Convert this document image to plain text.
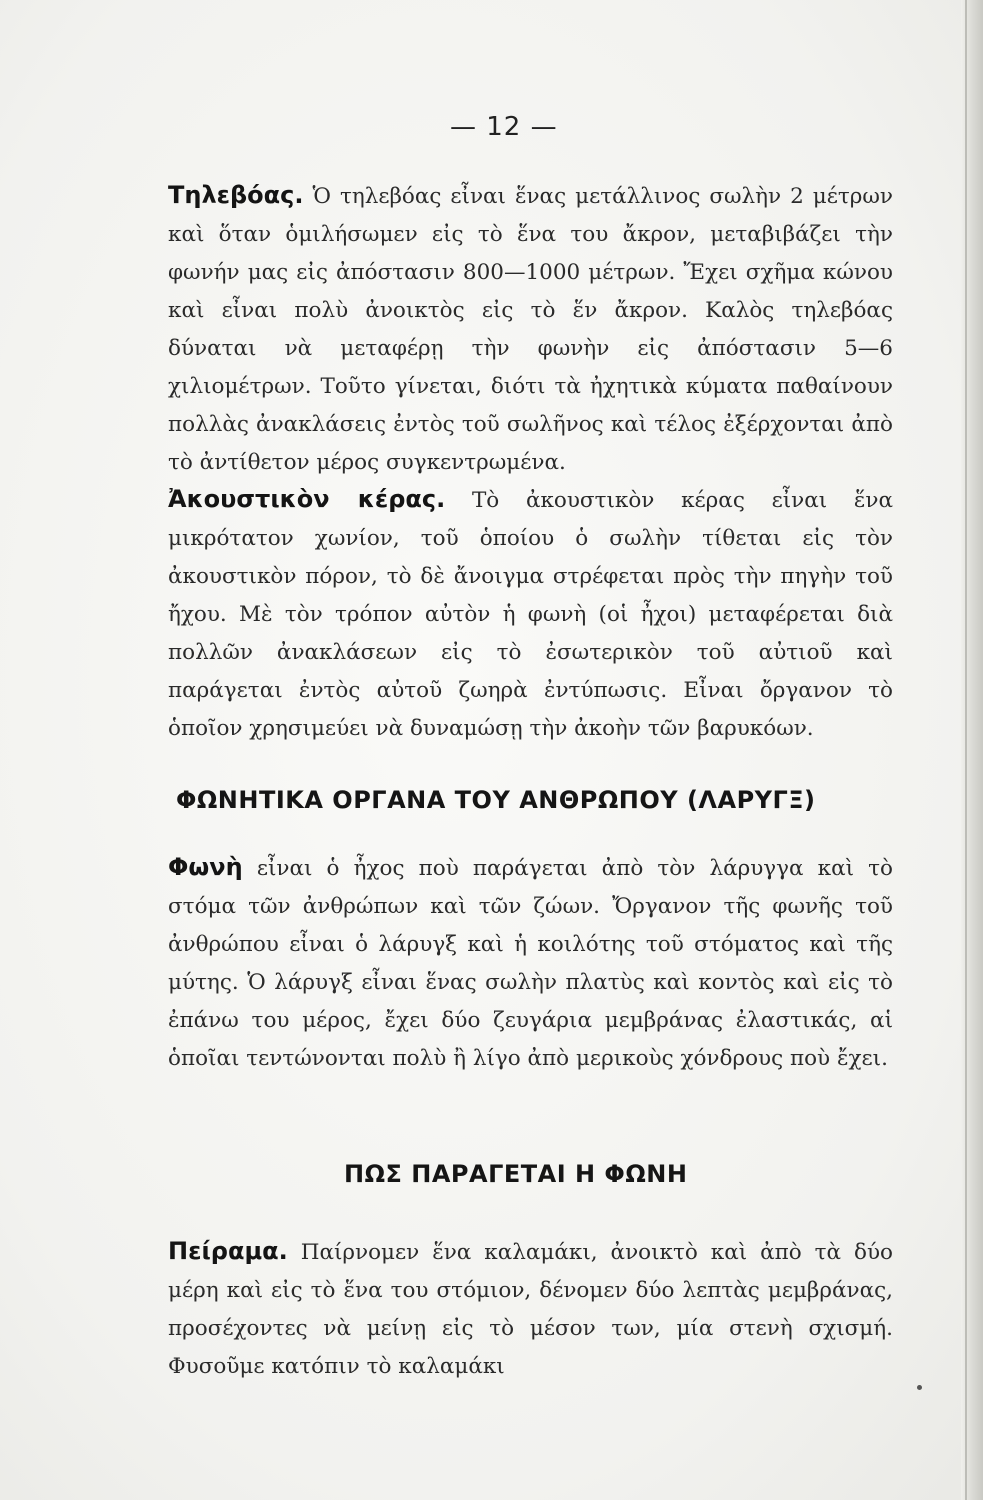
— 12 —

Τηλεβόας. Ὁ τηλεβόας εἶναι ἕνας μετάλλινος σωλὴν 2 μέτρων καὶ ὅταν ὁμιλήσωμεν εἰς τὸ ἕνα του ἄκρον, μεταβιβάζει τὴν φωνήν μας εἰς ἀπόστασιν 800—1000 μέτρων. Ἔχει σχῆμα κώνου καὶ εἶναι πολὺ ἀνοικτὸς εἰς τὸ ἕν ἄκρον. Καλὸς τηλεβόας δύναται νὰ μεταφέρῃ τὴν φωνὴν εἰς ἀπόστασιν 5—6 χιλιομέτρων. Τοῦτο γίνεται, διότι τὰ ἠχητικὰ κύματα παθαίνουν πολλὰς ἀνακλάσεις ἐντὸς τοῦ σωλῆνος καὶ τέλος ἐξέρχονται ἀπὸ τὸ ἀντίθετον μέρος συγκεντρωμένα.

Ἀκουστικὸν κέρας. Τὸ ἀκουστικὸν κέρας εἶναι ἕνα μικρότατον χωνίον, τοῦ ὁποίου ὁ σωλὴν τίθεται εἰς τὸν ἀκουστικὸν πόρον, τὸ δὲ ἄνοιγμα στρέφεται πρὸς τὴν πηγὴν τοῦ ἤχου. Μὲ τὸν τρόπον αὐτὸν ἡ φωνὴ (οἱ ἦχοι) μεταφέρεται διὰ πολλῶν ἀνακλάσεων εἰς τὸ ἐσωτερικὸν τοῦ αὐτιοῦ καὶ παράγεται ἐντὸς αὐτοῦ ζωηρὰ ἐντύπωσις. Εἶναι ὄργανον τὸ ὁποῖον χρησιμεύει νὰ δυναμώσῃ τὴν ἀκοὴν τῶν βαρυκόων.

ΦΩΝΗΤΙΚΑ ΟΡΓΑΝΑ ΤΟΥ ΑΝΘΡΩΠΟΥ (ΛΑΡΥΓΞ)

Φωνὴ εἶναι ὁ ἦχος ποὺ παράγεται ἀπὸ τὸν λάρυγγα καὶ τὸ στόμα τῶν ἀνθρώπων καὶ τῶν ζώων. Ὄργανον τῆς φωνῆς τοῦ ἀνθρώπου εἶναι ὁ λάρυγξ καὶ ἡ κοιλότης τοῦ στόματος καὶ τῆς μύτης. Ὁ λάρυγξ εἶναι ἕνας σωλὴν πλατὺς καὶ κοντὸς καὶ εἰς τὸ ἐπάνω του μέρος, ἔχει δύο ζευγάρια μεμβράνας ἐλαστικάς, αἱ ὁποῖαι τεντώνονται πολὺ ἢ λίγο ἀπὸ μερικοὺς χόνδρους ποὺ ἔχει.

ΠΩΣ ΠΑΡΑΓΕΤΑΙ Η ΦΩΝΗ

Πείραμα. Παίρνομεν ἕνα καλαμάκι, ἀνοικτὸ καὶ ἀπὸ τὰ δύο μέρη καὶ εἰς τὸ ἕνα του στόμιον, δένομεν δύο λεπτὰς μεμβράνας, προσέχοντες νὰ μείνῃ εἰς τὸ μέσον των, μία στενὴ σχισμή. Φυσοῦμε κατόπιν τὸ καλαμάκι
